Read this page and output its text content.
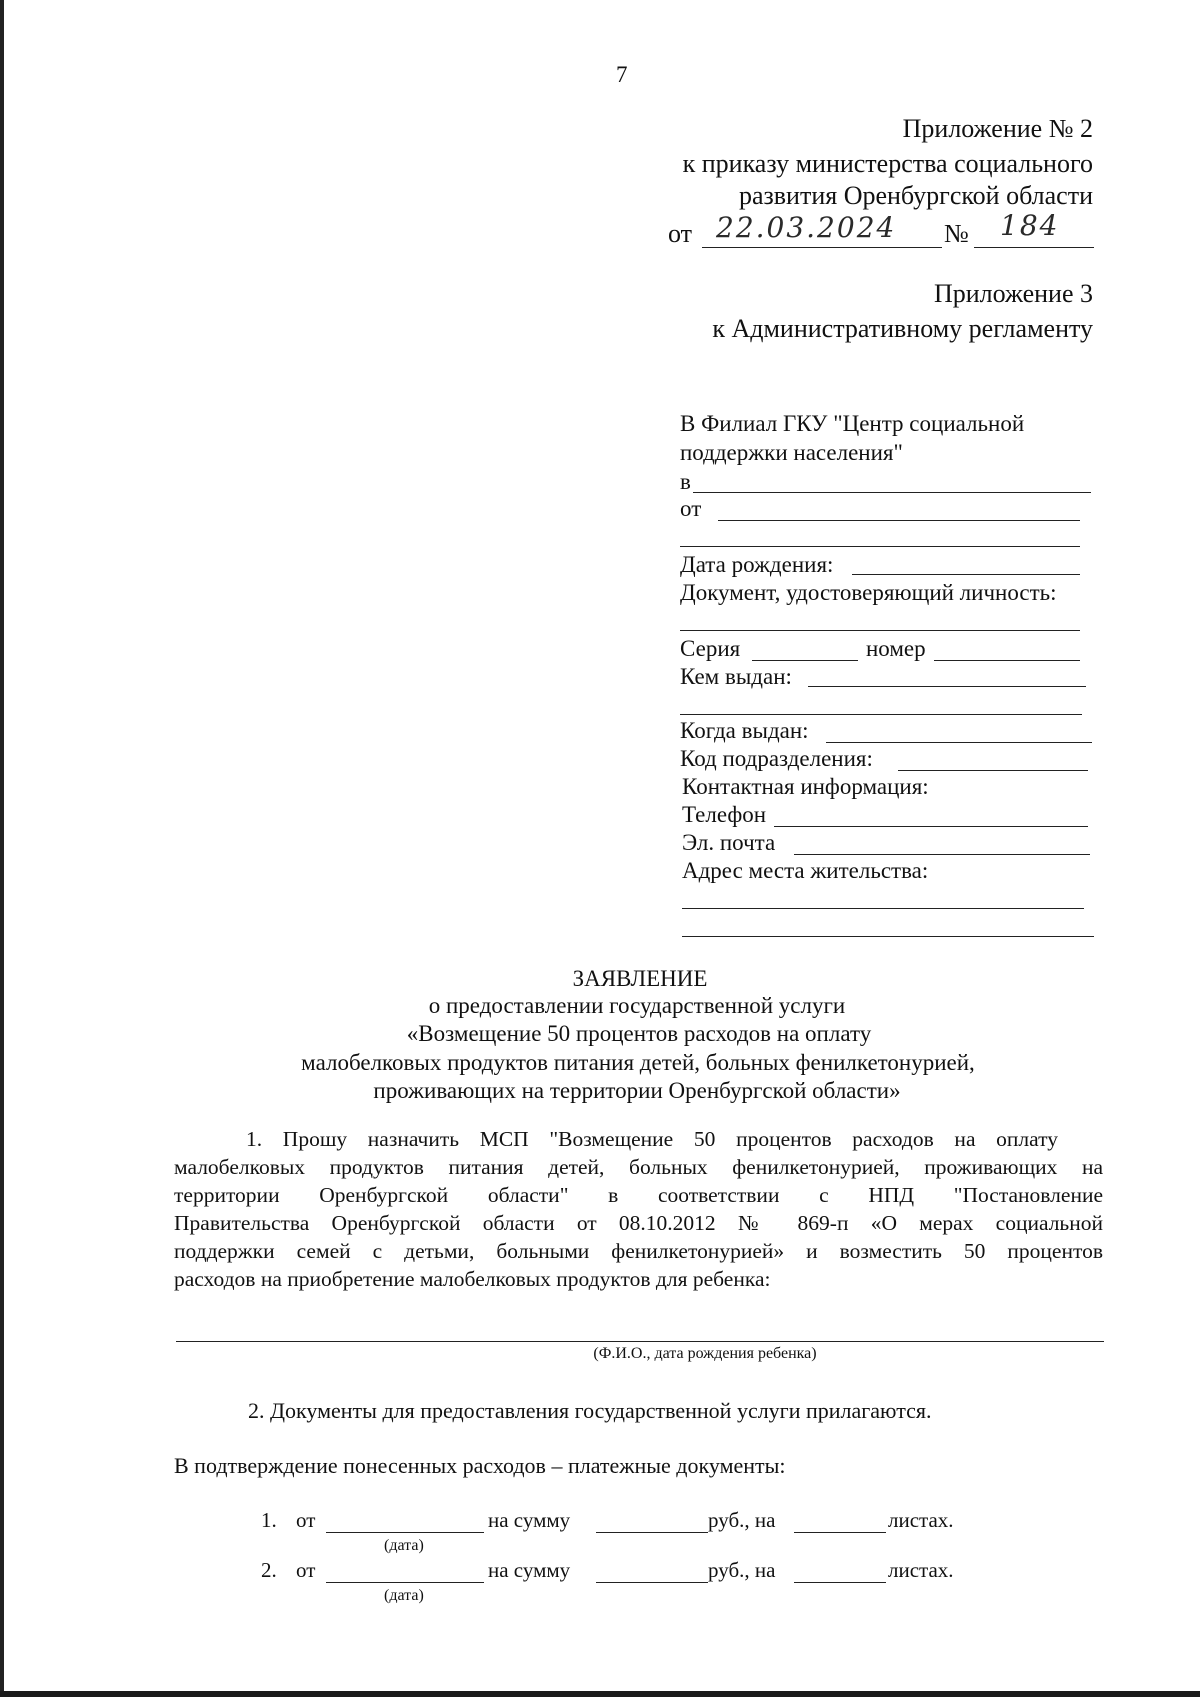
7
Приложение № 2
к приказу министерства социального
развития Оренбургской области
от 22.03.2024 № 184
Приложение 3
к Административному регламенту
В Филиал ГКУ "Центр социальной
поддержки населения"
в
от
Дата рождения:
Документ, удостоверяющий личность:
Серия	номер
Кем выдан:
Когда выдан:
Код подразделения:
Контактная информация:
Телефон
Эл. почта
Адрес места жительства:
ЗАЯВЛЕНИЕ
о предоставлении государственной услуги
«Возмещение 50 процентов расходов на оплату
малобелковых продуктов питания детей, больных фенилкетонурией,
проживающих на территории Оренбургской области»
1. Прошу назначить МСП "Возмещение 50 процентов расходов на оплату
малобелковых продуктов питания детей, больных фенилкетонурией, проживающих на
территории Оренбургской области" в соответствии с НПД "Постановление
Правительства Оренбургской области от 08.10.2012 № 869-п «О мерах социальной
поддержки семей с детьми, больными фенилкетонурией» и возместить 50 процентов
расходов на приобретение малобелковых продуктов для ребенка:
(Ф.И.О., дата рождения ребенка)
2. Документы для предоставления государственной услуги прилагаются.
В подтверждение понесенных расходов – платежные документы:
1. от	на сумму	руб., на	листах.
(дата)
2. от	на сумму	руб., на	листах.
(дата)
